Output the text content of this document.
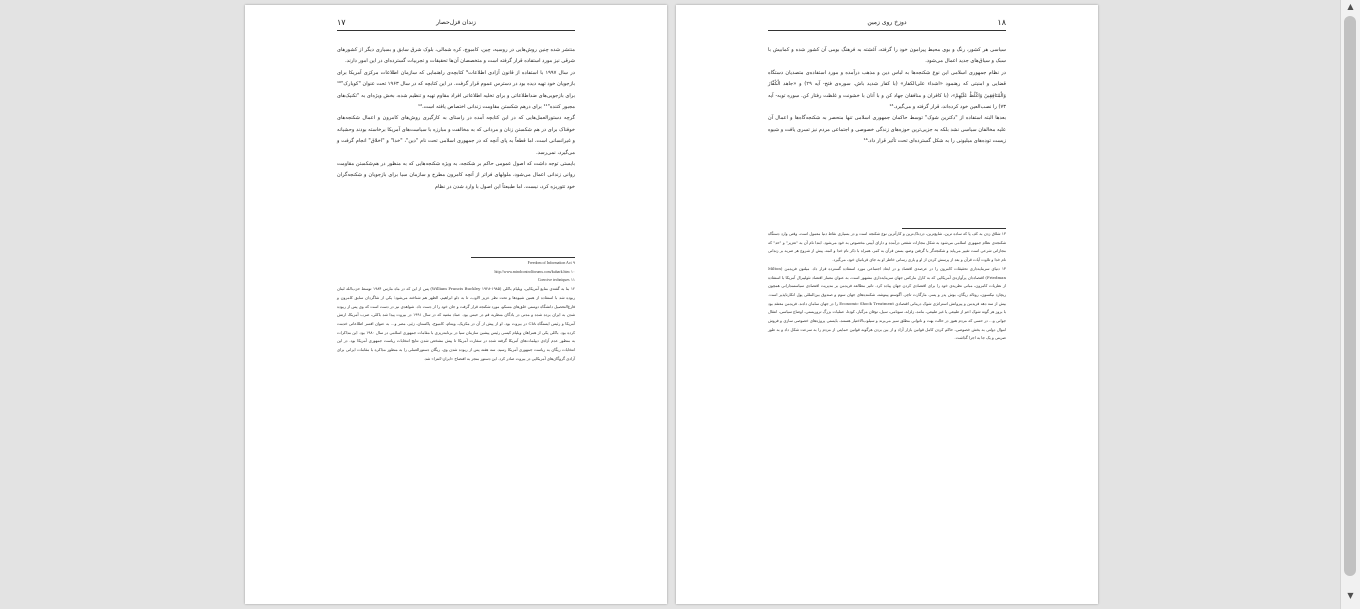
زندان قزل‌حصار
۱۷

منتشر شده چنین روش‌هایی در روسیه، چین، کامبوج، کره شمالی، بلوک شرق سابق و بسیاری دیگر از کشورهای شرقی نیز مورد استفاده قرار گرفته است و متخصصان آن‌ها تحقیقات و تجربیات گسترده‌ای در این امور دارند.

در سال ۱۹۹۷ با استفاده از قانون آزادی اطلاعات⁹ کتابچه‌ی راهنمایی که سازمان اطلاعات مرکزی آمریکا برای بازجویان خود تهیه دیده بود در دسترس عموم قرار گرفت. در این کتابچه که در سال ۱۹۶۳ تحت عنوان "کوبارک"¹⁰ برای بازجویی‌های ضداطلاعاتی و برای تخلیه اطلاعاتی افراد مقاوم تهیه و تنظیم شده، بخش ویژه‌ای به "تکنیک‌های مجبور کننده"¹¹ برای درهم شکستن مقاومت زندانی اختصاص یافته است.¹²

گرچه دستورالعمل‌هایی که در این کتابچه آمده در راستای به کارگیری روش‌های کامرون و اعمال شکنجه‌های خوفناک برای در هم شکستن زنان و مردانی که به مخالفت و مبارزه با سیاست‌های آمریکا برخاسته بودند وحشیانه و غیرانسانی است، اما قطعاً به پای آنچه که در جمهوری اسلامی تحت نام "دین"، "خدا" و "اخلاق" انجام گرفت و می‌گیرد، نمی‌رسد.

بایستی توجه داشت که اصول عمومی حاکم بر شکنجه، به ویژه شکنجه‌هایی که به منظور در هم‌شکستن مقاومت روانی زندانی اعمال می‌شود، ملولهای فراتر از آنچه کامرون مطرح و سازمان سیا برای بازجویان و شکنجه‌گران خود تئوریزه کرد، نیست. اما طبیعتاً این اصول با وارد شدن در نظام

۹ Freedom of Information Act

۱۰ http://www.mindcontrolforums.com/kubark.htm

۱۱ Coercive techniques

۱۲ بنا به گفته‌ی منابع آمریکایی، ویلیام باکلی (William Francis Buckley ۱۹۲۸-۱۹۸۵) پس از این که در ماه مارس ۱۹۸۴ توسط حزب‌الله لبنان ربوده شد با استفاده از همین شیوه‌ها و تحت نظر عزیز الاوب، تا به دلو ابراهیم، الظهر هم شناخته می‌شود؛ یکی از شاگردان سابق کامرون و فارغ‌التحصیل دانشگاه دوستی خلق‌های مسکو، مورد شکنجه قرار گرفت و جان خود را از دست داد. شواهدی نیز در دست است که وی پس از ربوده شدن به ایران برده شده و مدتی در یادگان منظریه قم در حبس بود. عماد مغنیه که در سال ۱۹۹۱ در بیروت پیدا شد باکلی، ضرب آمریکا، ارتش آمریکا و رئیس ایستگاه CIA در بیروت بود. او از پیش از آن در مکزیک، ویتنام، کامبوج، پاکستان، زئیر، مصر و... به عنوان افسر اطلاعاتی خدمت کرده بود. باکلی یکی از همراهان ویلیام کیسی رئیس پیشین سازمان سیا در برنامه‌ریزی با مقامات جمهوری اسلامی در سال ۱۹۸۰ بود. این مذاکرات به منظور عدم آزادی دیپلمات‌های آمریکا گرفته شده در سفارت آمریکا تا پیش مشخص شدن نتایج انتخابات ریاست جمهوری آمریکا بود. در این انتخابات ریگان به ریاست جمهوری آمریکا رسید. سه هفته پس از ربوده شدن وی، ریگان دستورالعملی را به منظور مذاکره با مقامات ایرانی برای آزادی گروگان‌های آمریکایی در بیروت صادر کرد. این دستور منجر به افتضاح «ایران-کنترا» شد.

دوزخ روی زمین	۱۸

سیاسی هر کشور، رنگ و بوی محیط پیرامون خود را گرفته، آغشته به فرهنگ بومی آن کشور شده و کمابیش با سبک و سیاق‌های جدید اعمال می‌شود.

در نظام جمهوری اسلامی این نوع شکنجه‌ها به لباس دین و مذهب درآمده و مورد استفاده‌ی متصدیان دستگاه قضایی و امنیتی که رهنمود «اشداء علی‌الکفار» (با کفار شدید باش. سوره‌ی فتح- آیه ۲۹) و «جاهد الْکُفَّارَ وَالْمُنَافِقِینَ وَاغْلُظْ عَلَیْهِمْ»، (با کافران و منافقان جهاد کن و با آنان با خشونت و غلظت رفتار کن. سوره توبه- آیه ۷۳) را نصب‌العین خود کرده‌اند، قرار گرفته و می‌گیرد.¹³

بعدها البته استفاده از "دکترین شوک" توسط حاکمان جمهوری اسلامی تنها منحصر به شکنجه‌گاه‌ها و اعمال آن علیه مخالفان سیاسی نشد بلکه به جزیی‌ترین حوزه‌های زندگی خصوصی و اجتماعی مردم نیز تسری یافت و شیوه زیست توده‌های میلیونی را به شکل گسترده‌ای تحت تأثیر قرار داد.¹⁴

۱۳ شلاق زدن به کف پا که ساده ترین، شایع‌ترین، دردناک‌ترین و کارآترین نوع شکنجه است و در بسیاری نقاط دنیا معمول است، وقتی وارد دستگاه شکنجه‌ی نظام جمهوری اسلامی می‌شود به شکل مجازات شفعی درآمده و دارای آیینی مخصوص به خود می‌شود. ابتدا نام آن به "تعزیر" و "حد" که مجازاتی شرعی است تغییر می‌یابد و شکنجه‌گر با گرفتن وضو، بستن قرآن به کمر، همراه با ذکر نام خدا و ائمه، پیش از شروع هر ضربه بر زندانی نام خدا و تلاوت آیات قرآن و بعد از پرسش کردن از او و یاری رسانی خاطر او به جای قربانیان خود، می‌گیرد.

۱۴ دنیای سرمایه‌داری تحقیقات کامرون را در عرصه‌ی اقتصاد و در ابعاد اجتماعی مورد استفاده گسترده قرار داد. میلتون فریدمن (Milton Friedman) اقتصاددان پرآوازه‌ی آمریکایی که به کارل مارکس جهان سرمایه‌داری مشهور است، به عنوان معمار اقتصاد نئولیبرال آمریکا با استفاده از نظریات کامرون، مبانی نظریه‌ی خود را برای اقتصادی کردن جهان پیاده کرد. تاثیر مطالعه فریدمن بر مدیریت اقتصادی سیاستمدارانی همچون ریچارد نیکسون، رونالد ریگان، بوش پدر و پسر، مارگارت تاچر، آگوستو پینوشه، شکننده‌های جهان سوم و صندوق بین‌المللی پول انکارناپذیر است. بیش از سه دهه فریدمن و پیروانش استراتژی شوک درمانی اقتصادی Economic Shock Treatment را در جهان سامان دادند. فریدمن معتقد بود با بروز هر گونه شوک اعم از طبیعی یا غیر طبیعی، مانند، زلزله، سونامی، سیل، توفان مرگبار، کودتا، عملیات بزرگ تروریستی، اوضاع سیاسی، انتقال جوانی و... در حسی که مردم هنوز در حالت بهت و ناتوانی مطلق سیر می‌برند و سیلوب‌الاختیار هستند، بایستی پروژه‌های خصوصی سازی و فروش اموال دولتی به بخش خصوصی، حاکم کردن کامل قوانین بازار آزاد و از بین بردن هرگونه قوانین حمایتی از مردم را به سرعت شکل داد و به طور ضربتی و یک جا به اجرا گذاشت.

▲
▼
